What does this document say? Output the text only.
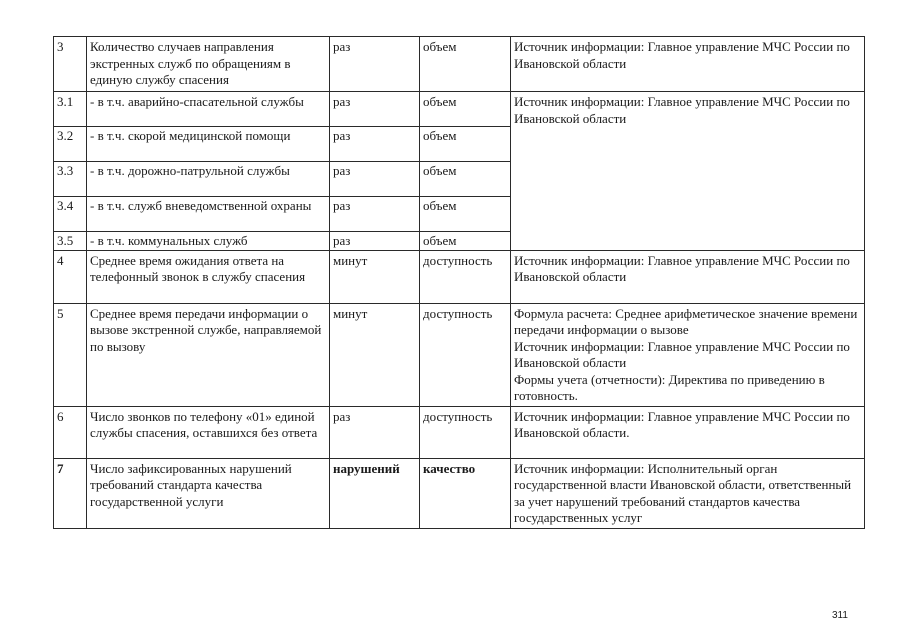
3	Количество случаев направления экстренных служб по обращениям в единую службу спасения	раз	объем	Источник информации: Главное управление МЧС России по Ивановской области
3.1	- в т.ч. аварийно-спасательной службы	раз	объем	Источник информации: Главное управление МЧС России по Ивановской области
3.2	- в т.ч. скорой медицинской помощи	раз	объем	
3.3	- в т.ч. дорожно-патрульной службы	раз	объем	
3.4	- в т.ч. служб вневедомственной охраны	раз	объем	
3.5	- в т.ч. коммунальных служб	раз	объем	
4	Среднее время ожидания ответа на телефонный звонок в службу спасения	минут	доступность	Источник информации: Главное управление МЧС России по Ивановской области
5	Среднее время передачи информации о вызове экстренной службе, направляемой по вызову	минут	доступность	Формула расчета: Среднее арифметическое значение времени передачи информации о вызове
Источник информации: Главное управление МЧС России по Ивановской области
Формы учета (отчетности): Директива по приведению в готовность.

6	Число звонков по телефону «01» единой службы спасения, оставшихся без ответа	раз	доступность	Источник информации: Главное управление МЧС России по Ивановской области.
7	Число зафиксированных нарушений требований стандарта качества государственной услуги	нарушений	качество	Источник информации: Исполнительный орган государственной власти Ивановской области, ответственный за учет нарушений требований стандартов качества государственных услуг
311
